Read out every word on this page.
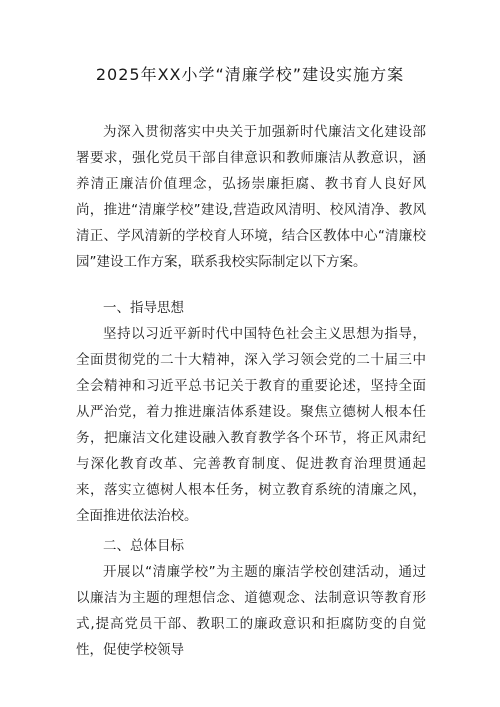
2025年XX小学“清廉学校”建设实施方案
为深入贯彻落实中央关于加强新时代廉洁文化建设部署要求，强化党员干部自律意识和教师廉洁从教意识，涵养清正廉洁价值理念，弘扬崇廉拒腐、教书育人良好风尚，推进“清廉学校”建设,营造政风清明、校风清净、教风清正、学风清新的学校育人环境，结合区教体中心“清廉校园”建设工作方案，联系我校实际制定以下方案。
一、指导思想
坚持以习近平新时代中国特色社会主义思想为指导，全面贯彻党的二十大精神，深入学习领会党的二十届三中全会精神和习近平总书记关于教育的重要论述，坚持全面从严治党，着力推进廉洁体系建设。聚焦立德树人根本任务，把廉洁文化建设融入教育教学各个环节，将正风肃纪与深化教育改革、完善教育制度、促进教育治理贯通起来，落实立德树人根本任务，树立教育系统的清廉之风，全面推进依法治校。
二、总体目标
开展以“清廉学校”为主题的廉洁学校创建活动，通过以廉洁为主题的理想信念、道德观念、法制意识等教育形式,提高党员干部、教职工的廉政意识和拒腐防变的自觉性，促使学校领导
